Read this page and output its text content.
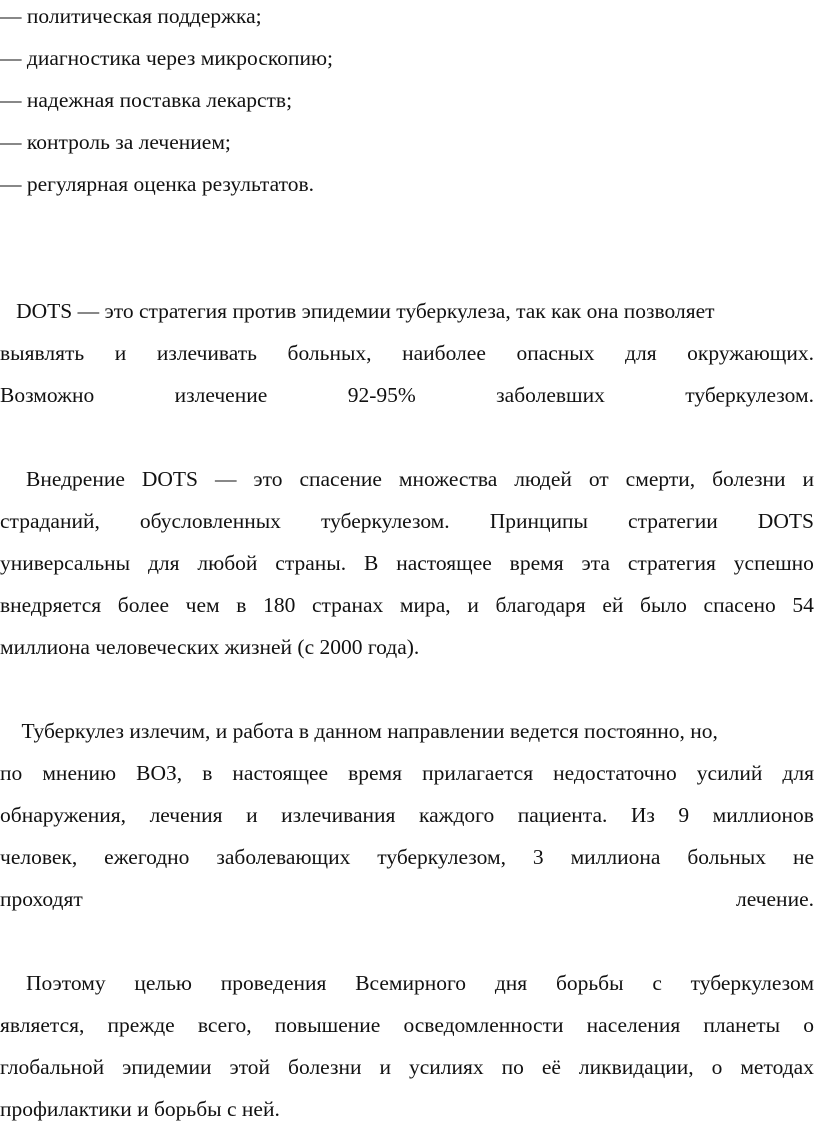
— политическая поддержка;
— диагностика через микроскопию;
— надежная поставка лекарств;
— контроль за лечением;
— регулярная оценка результатов.
DOTS — это стратегия против эпидемии туберкулеза, так как она позволяет
выявлять и излечивать больных, наиболее опасных для окружающих.
Возможно	излечение	92-95%	заболевших	туберкулезом.
Внедрение DOTS — это спасение множества людей от смерти, болезни и
страданий, обусловленных туберкулезом. Принципы стратегии DOTS
универсальны для любой страны. В настоящее время эта стратегия успешно
внедряется более чем в 180 странах мира, и благодаря ей было спасено 54
миллиона человеческих жизней (с 2000 года).
Туберкулез излечим, и работа в данном направлении ведется постоянно, но,
по мнению ВОЗ, в настоящее время прилагается недостаточно усилий для
обнаружения, лечения и излечивания каждого пациента. Из 9 миллионов
человек, ежегодно заболевающих туберкулезом, 3 миллиона больных не
проходят	лечение.
Поэтому целью проведения Всемирного дня борьбы с туберкулезом
является, прежде всего, повышение осведомленности населения планеты о
глобальной эпидемии этой болезни и усилиях по её ликвидации, о методах
профилактики и борьбы с ней.
